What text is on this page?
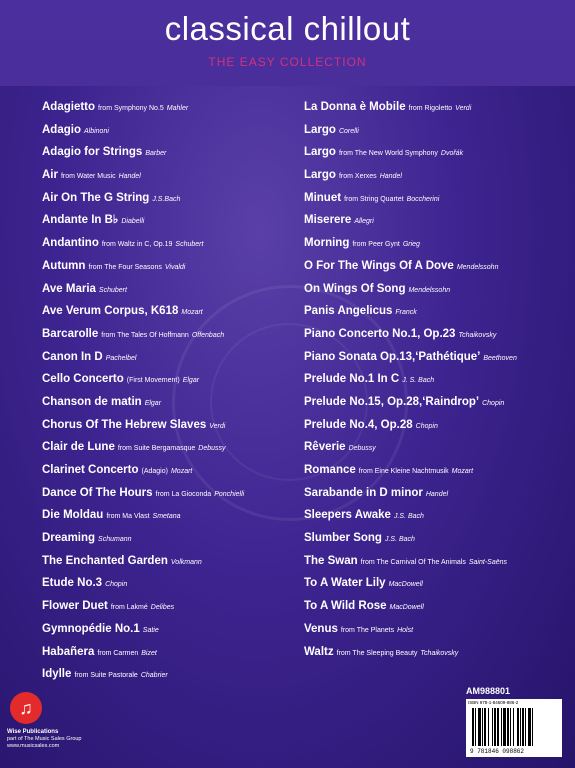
classical chillout
THE EASY COLLECTION
Adagietto from Symphony No.5 Mahler
Adagio Albinoni
Adagio for Strings Barber
Air from Water Music Handel
Air On The G String J.S.Bach
Andante In B♭ Diabelli
Andantino from Waltz in C, Op.19 Schubert
Autumn from The Four Seasons Vivaldi
Ave Maria Schubert
Ave Verum Corpus, K618 Mozart
Barcarolle from The Tales Of Hoffmann Offenbach
Canon In D Pachelbel
Cello Concerto (First Movement) Elgar
Chanson de matin Elgar
Chorus Of The Hebrew Slaves Verdi
Clair de Lune from Suite Bergamasque Debussy
Clarinet Concerto (Adagio) Mozart
Dance Of The Hours from La Gioconda Ponchielli
Die Moldau from Ma Vlast Smetana
Dreaming Schumann
The Enchanted Garden Volkmann
Etude No.3 Chopin
Flower Duet from Lakmé Delibes
Gymnopédie No.1 Satie
Habañera from Carmen Bizet
Idylle from Suite Pastorale Chabrier
La Donna è Mobile from Rigoletto Verdi
Largo Corelli
Largo from The New World Symphony Dvořák
Largo from Xerxes Handel
Minuet from String Quartet Boccherini
Miserere Allegri
Morning from Peer Gynt Grieg
O For The Wings Of A Dove Mendelssohn
On Wings Of Song Mendelssohn
Panis Angelicus Franck
Piano Concerto No.1, Op.23 Tchaikovsky
Piano Sonata Op.13,‘Pathétique’ Beethoven
Prelude No.1 In C J. S. Bach
Prelude No.15, Op.28,‘Raindrop’ Chopin
Prelude No.4, Op.28 Chopin
Rêverie Debussy
Romance from Eine Kleine Nachtmusik Mozart
Sarabande in D minor Handel
Sleepers Awake J.S. Bach
Slumber Song J.S. Bach
The Swan from The Carnival Of The Animals Saint-Saëns
To A Water Lily MacDowell
To A Wild Rose MacDowell
Venus from The Planets Holst
Waltz from The Sleeping Beauty Tchaikovsky
♫
Wise Publications
part of The Music Sales Group
www.musicsales.com
AM988801
ISBN 978-1-84609-886-2
9 781846 098862
